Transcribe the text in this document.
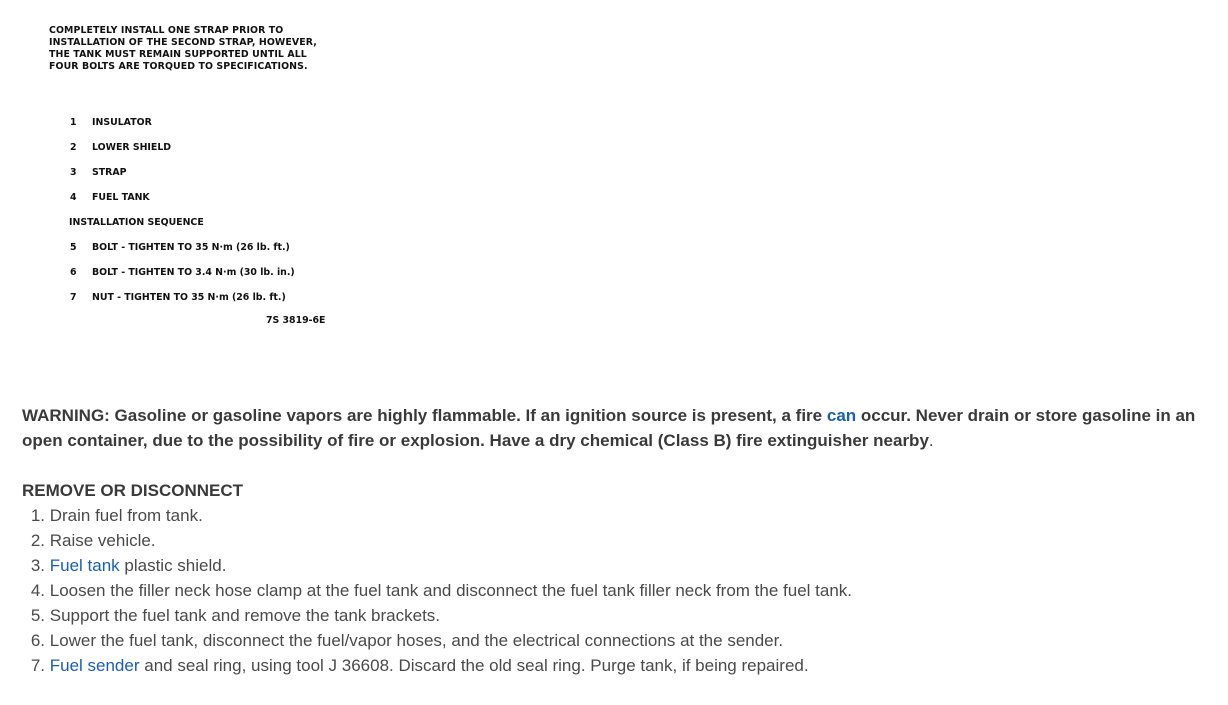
COMPLETELY INSTALL ONE STRAP PRIOR TO
INSTALLATION OF THE SECOND STRAP, HOWEVER,
THE TANK MUST REMAIN SUPPORTED UNTIL ALL
FOUR BOLTS ARE TORQUED TO SPECIFICATIONS.
1	INSULATOR
2	LOWER SHIELD
3	STRAP
4	FUEL TANK
INSTALLATION SEQUENCE
5	BOLT - TIGHTEN TO 35 N·m (26 lb. ft.)
6	BOLT - TIGHTEN TO 3.4 N·m (30 lb. in.)
7	NUT - TIGHTEN TO 35 N·m (26 lb. ft.)
7S 3819-6E
WARNING: Gasoline or gasoline vapors are highly flammable. If an ignition source is present, a fire can occur. Never drain or store gasoline in an open container, due to the possibility of fire or explosion. Have a dry chemical (Class B) fire extinguisher nearby.
REMOVE OR DISCONNECT
1. Drain fuel from tank.
2. Raise vehicle.
3. Fuel tank plastic shield.
4. Loosen the filler neck hose clamp at the fuel tank and disconnect the fuel tank filler neck from the fuel tank.
5. Support the fuel tank and remove the tank brackets.
6. Lower the fuel tank, disconnect the fuel/vapor hoses, and the electrical connections at the sender.
7. Fuel sender and seal ring, using tool J 36608. Discard the old seal ring. Purge tank, if being repaired.
